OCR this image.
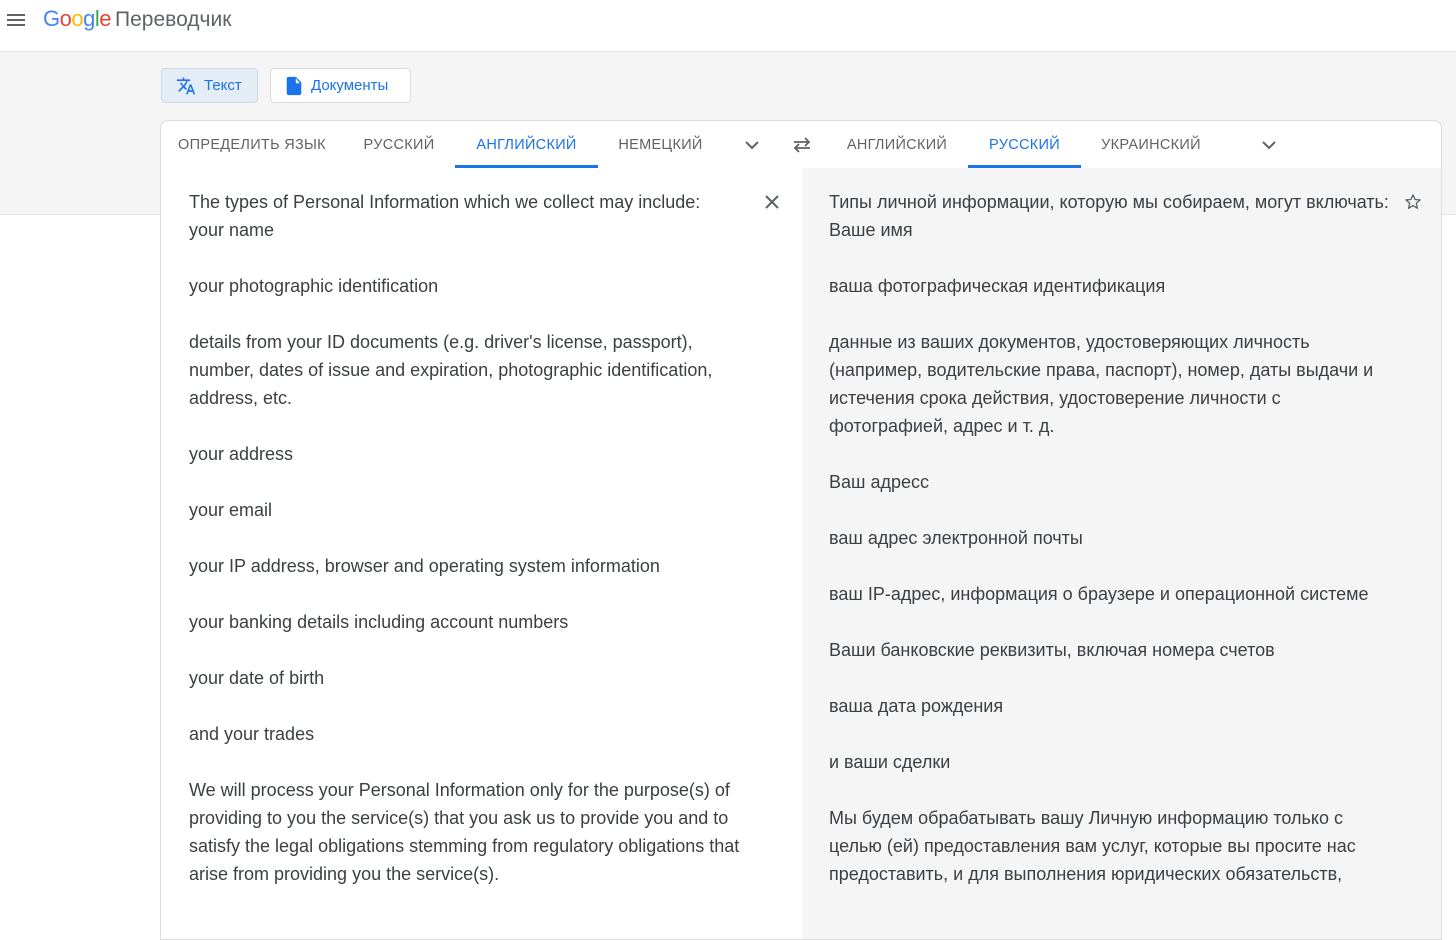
Google Переводчик
Текст	Документы
ОПРЕДЕЛИТЬ ЯЗЫК	РУССКИЙ	АНГЛИЙСКИЙ	НЕМЕЦКИЙ	АНГЛИЙСКИЙ	РУССКИЙ	УКРАИНСКИЙ

The types of Personal Information which we collect may include:
your name

your photographic identification

details from your ID documents (e.g. driver's license, passport), number, dates of issue and expiration, photographic identification, address, etc.

your address

your email

your IP address, browser and operating system information

your banking details including account numbers

your date of birth

and your trades

We will process your Personal Information only for the purpose(s) of providing to you the service(s) that you ask us to provide you and to satisfy the legal obligations stemming from regulatory obligations that arise from providing you the service(s).

Типы личной информации, которую мы собираем, могут включать:
Ваше имя

ваша фотографическая идентификация

данные из ваших документов, удостоверяющих личность (например, водительские права, паспорт), номер, даты выдачи и истечения срока действия, удостоверение личности с фотографией, адрес и т. д.

Ваш адресс

ваш адрес электронной почты

ваш IP-адрес, информация о браузере и операционной системе

Ваши банковские реквизиты, включая номера счетов

ваша дата рождения

и ваши сделки

Мы будем обрабатывать вашу Личную информацию только с целью (ей) предоставления вам услуг, которые вы просите нас предоставить, и для выполнения юридических обязательств,
